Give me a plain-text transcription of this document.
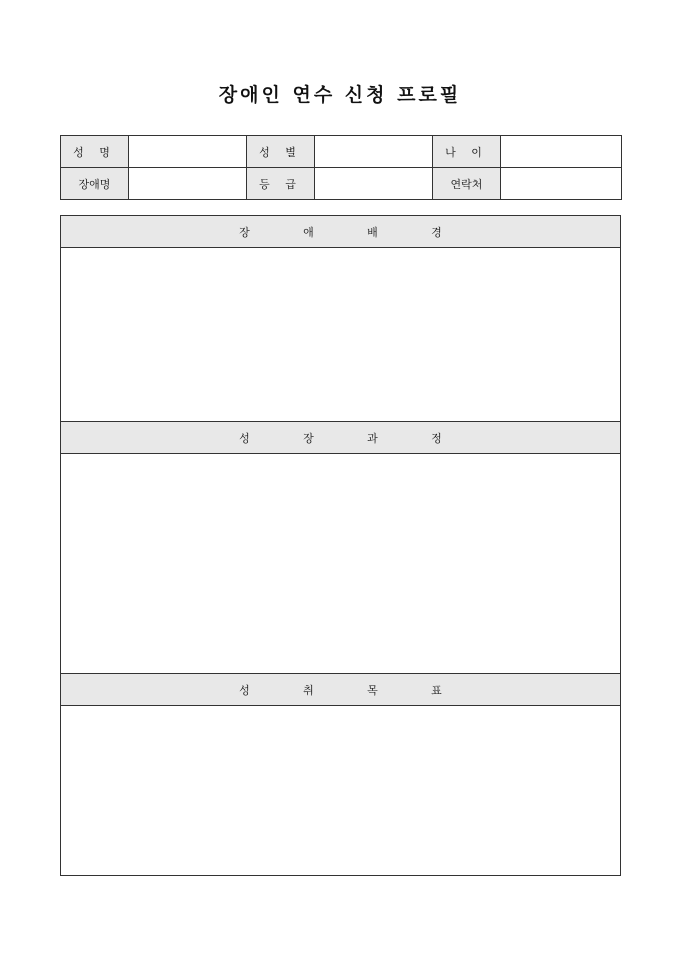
장애인 연수 신청 프로필
성 명		성 별		나 이	
장애명		등 급		연락처	
장	애	배	경
성	장	과	정
성	취	목	표
